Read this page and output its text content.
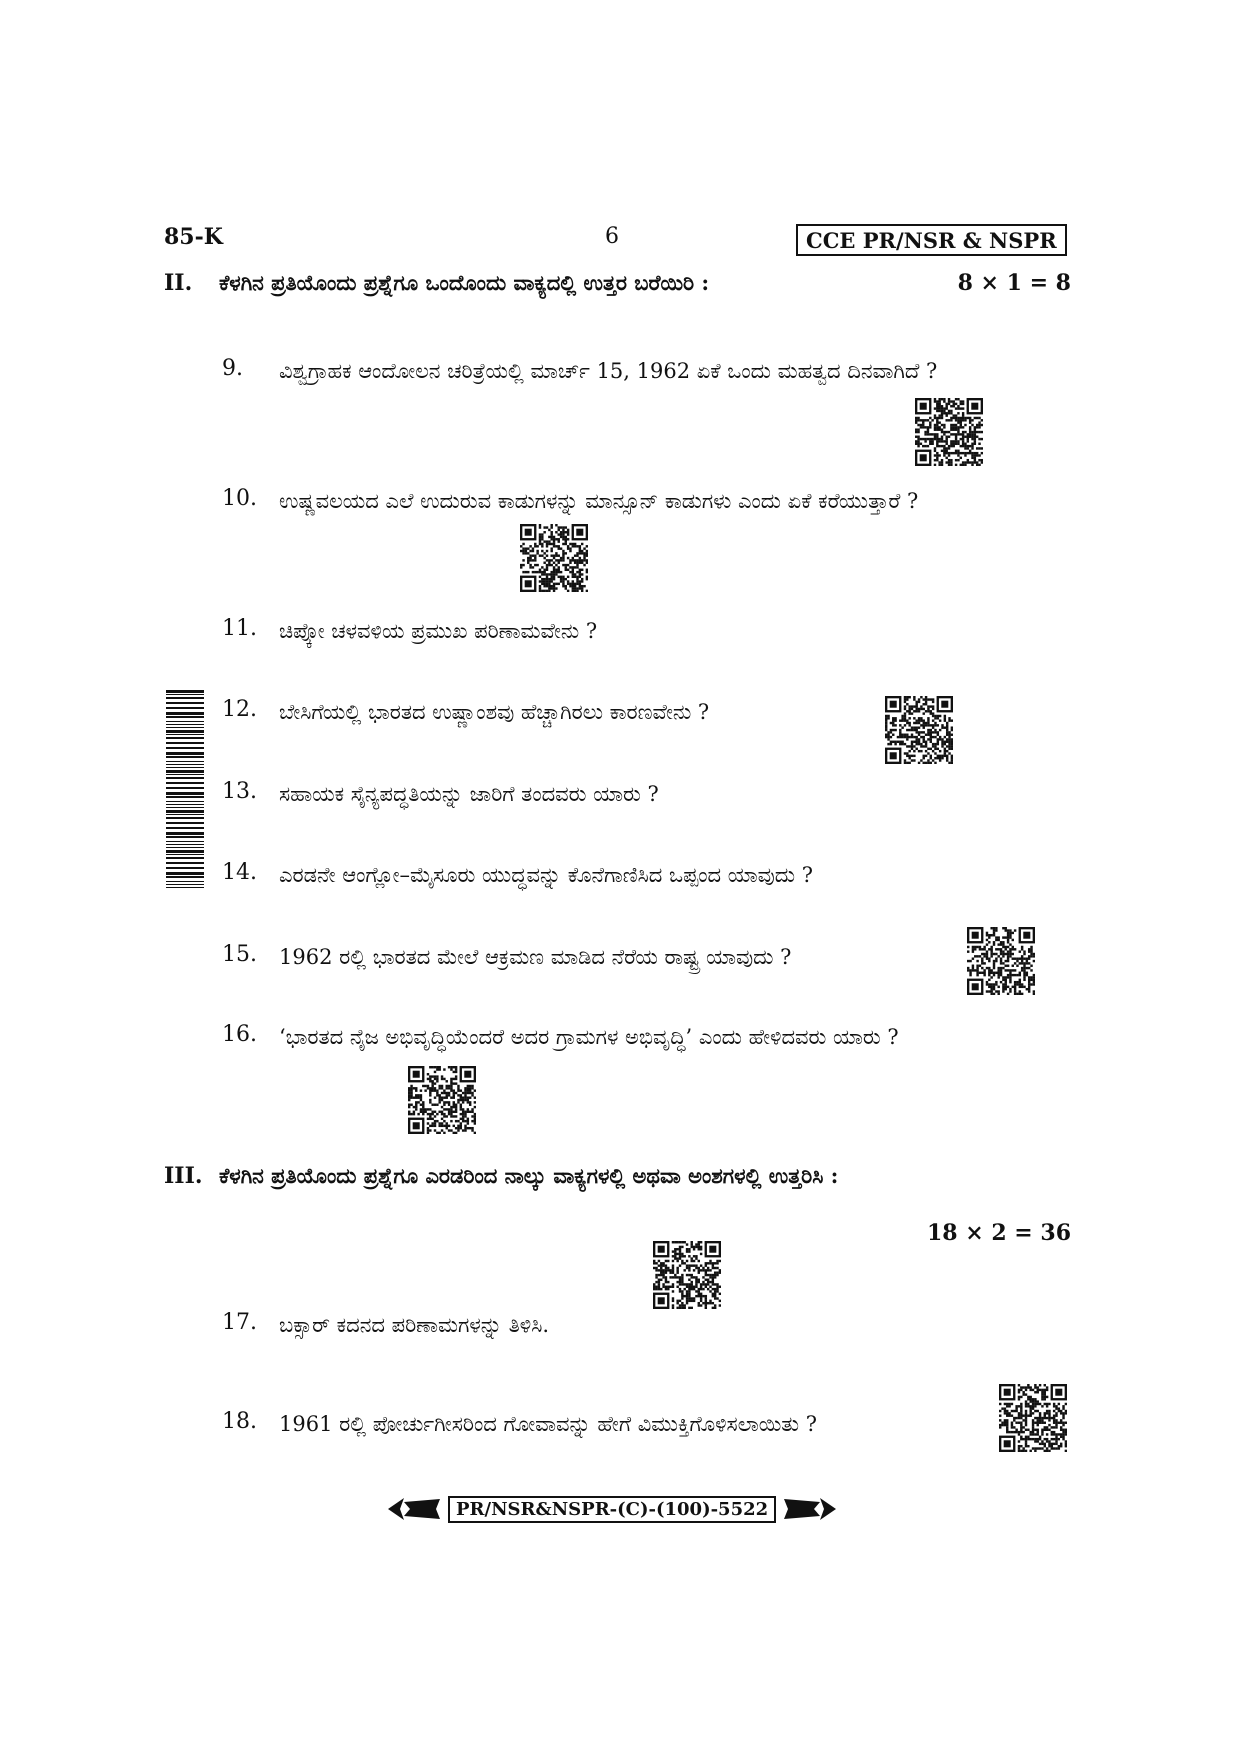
85-K	6	CCE PR/NSR & NSPR
II. ಕೆಳಗಿನ ಪ್ರತಿಯೊಂದು ಪ್ರಶ್ನೆಗೂ ಒಂದೊಂದು ವಾಕ್ಯದಲ್ಲಿ ಉತ್ತರ ಬರೆಯಿರಿ :	8 × 1 = 8
9.	ವಿಶ್ವಗ್ರಾಹಕ ಆಂದೋಲನ ಚರಿತ್ರೆಯಲ್ಲಿ ಮಾರ್ಚ್ 15, 1962 ಏಕೆ ಒಂದು ಮಹತ್ವದ ದಿನವಾಗಿದೆ ?
10.	ಉಷ್ಣವಲಯದ ಎಲೆ ಉದುರುವ ಕಾಡುಗಳನ್ನು ಮಾನ್ಸೂನ್ ಕಾಡುಗಳು ಎಂದು ಏಕೆ ಕರೆಯುತ್ತಾರೆ ?
11.	ಚಿಪ್ಕೋ ಚಳವಳಿಯ ಪ್ರಮುಖ ಪರಿಣಾಮವೇನು ?
12.	ಬೇಸಿಗೆಯಲ್ಲಿ ಭಾರತದ ಉಷ್ಣಾಂಶವು ಹೆಚ್ಚಾಗಿರಲು ಕಾರಣವೇನು ?
13.	ಸಹಾಯಕ ಸೈನ್ಯಪದ್ಧತಿಯನ್ನು ಜಾರಿಗೆ ತಂದವರು ಯಾರು ?
14.	ಎರಡನೇ ಆಂಗ್ಲೋ–ಮೈಸೂರು ಯುದ್ಧವನ್ನು ಕೊನೆಗಾಣಿಸಿದ ಒಪ್ಪಂದ ಯಾವುದು ?
15.	1962 ರಲ್ಲಿ ಭಾರತದ ಮೇಲೆ ಆಕ್ರಮಣ ಮಾಡಿದ ನೆರೆಯ ರಾಷ್ಟ್ರ ಯಾವುದು ?
16.	‘ಭಾರತದ ನೈಜ ಅಭಿವೃದ್ಧಿಯೆಂದರೆ ಅದರ ಗ್ರಾಮಗಳ ಅಭಿವೃದ್ಧಿ’ ಎಂದು ಹೇಳಿದವರು ಯಾರು ?
III. ಕೆಳಗಿನ ಪ್ರತಿಯೊಂದು ಪ್ರಶ್ನೆಗೂ ಎರಡರಿಂದ ನಾಲ್ಕು ವಾಕ್ಯಗಳಲ್ಲಿ ಅಥವಾ ಅಂಶಗಳಲ್ಲಿ ಉತ್ತರಿಸಿ :
18 × 2 = 36
17.	ಬಕ್ಸಾರ್ ಕದನದ ಪರಿಣಾಮಗಳನ್ನು ತಿಳಿಸಿ.
18.	1961 ರಲ್ಲಿ ಪೋರ್ಚುಗೀಸರಿಂದ ಗೋವಾವನ್ನು ಹೇಗೆ ವಿಮುಕ್ತಿಗೊಳಿಸಲಾಯಿತು ?
PR/NSR&NSPR-(C)-(100)-5522
